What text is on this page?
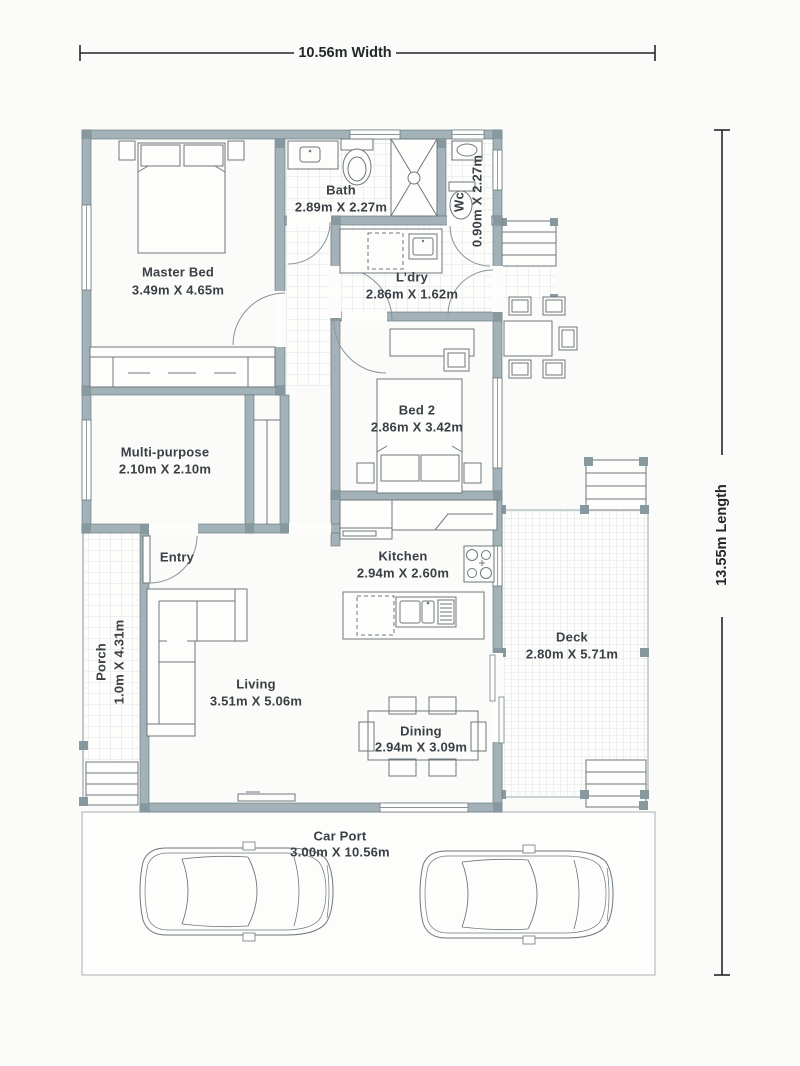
10.56m Width
13.55m Length
Master Bed
3.49m X 4.65m
Bath
2.89m X 2.27m	Wc 0.90m X 2.27m
L’dry
2.86m X 1.62m
Bed 2
2.86m X 3.42m
Multi-purpose
2.10m X 2.10m
Entry	Kitchen
2.94m X 2.60m
Porch 1.0m X 4.31m	Living
3.51m X 5.06m
Dining
2.94m X 3.09m
Deck
2.80m X 5.71m
Car Port
3.00m X 10.56m
